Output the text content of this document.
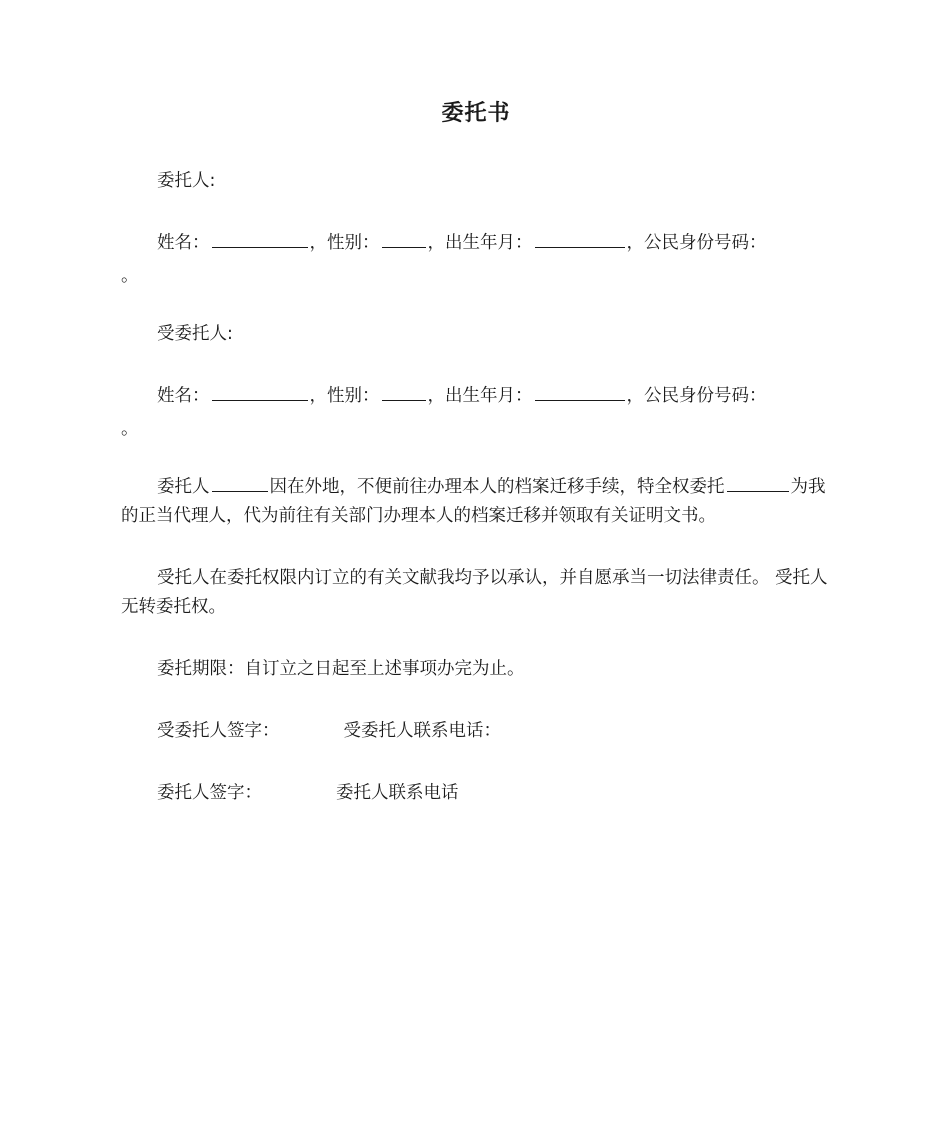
委托书
委托人:
姓名：	，性别：	，出生年月：	，公民身份号码：
。
受委托人:
姓名：	，性别：	，出生年月：	，公民身份号码：
。
委托人	因在外地，不便前往办理本人的档案迁移手续，特全权委托	为我的正当代理人，代为前往有关部门办理本人的档案迁移并领取有关证明文书。
受托人在委托权限内订立的有关文献我均予以承认，并自愿承当一切法律责任。 受托人无转委托权。
委托期限：自订立之日起至上述事项办完为止。
受委托人签字：	受委托人联系电话：
委托人签字：	委托人联系电话
